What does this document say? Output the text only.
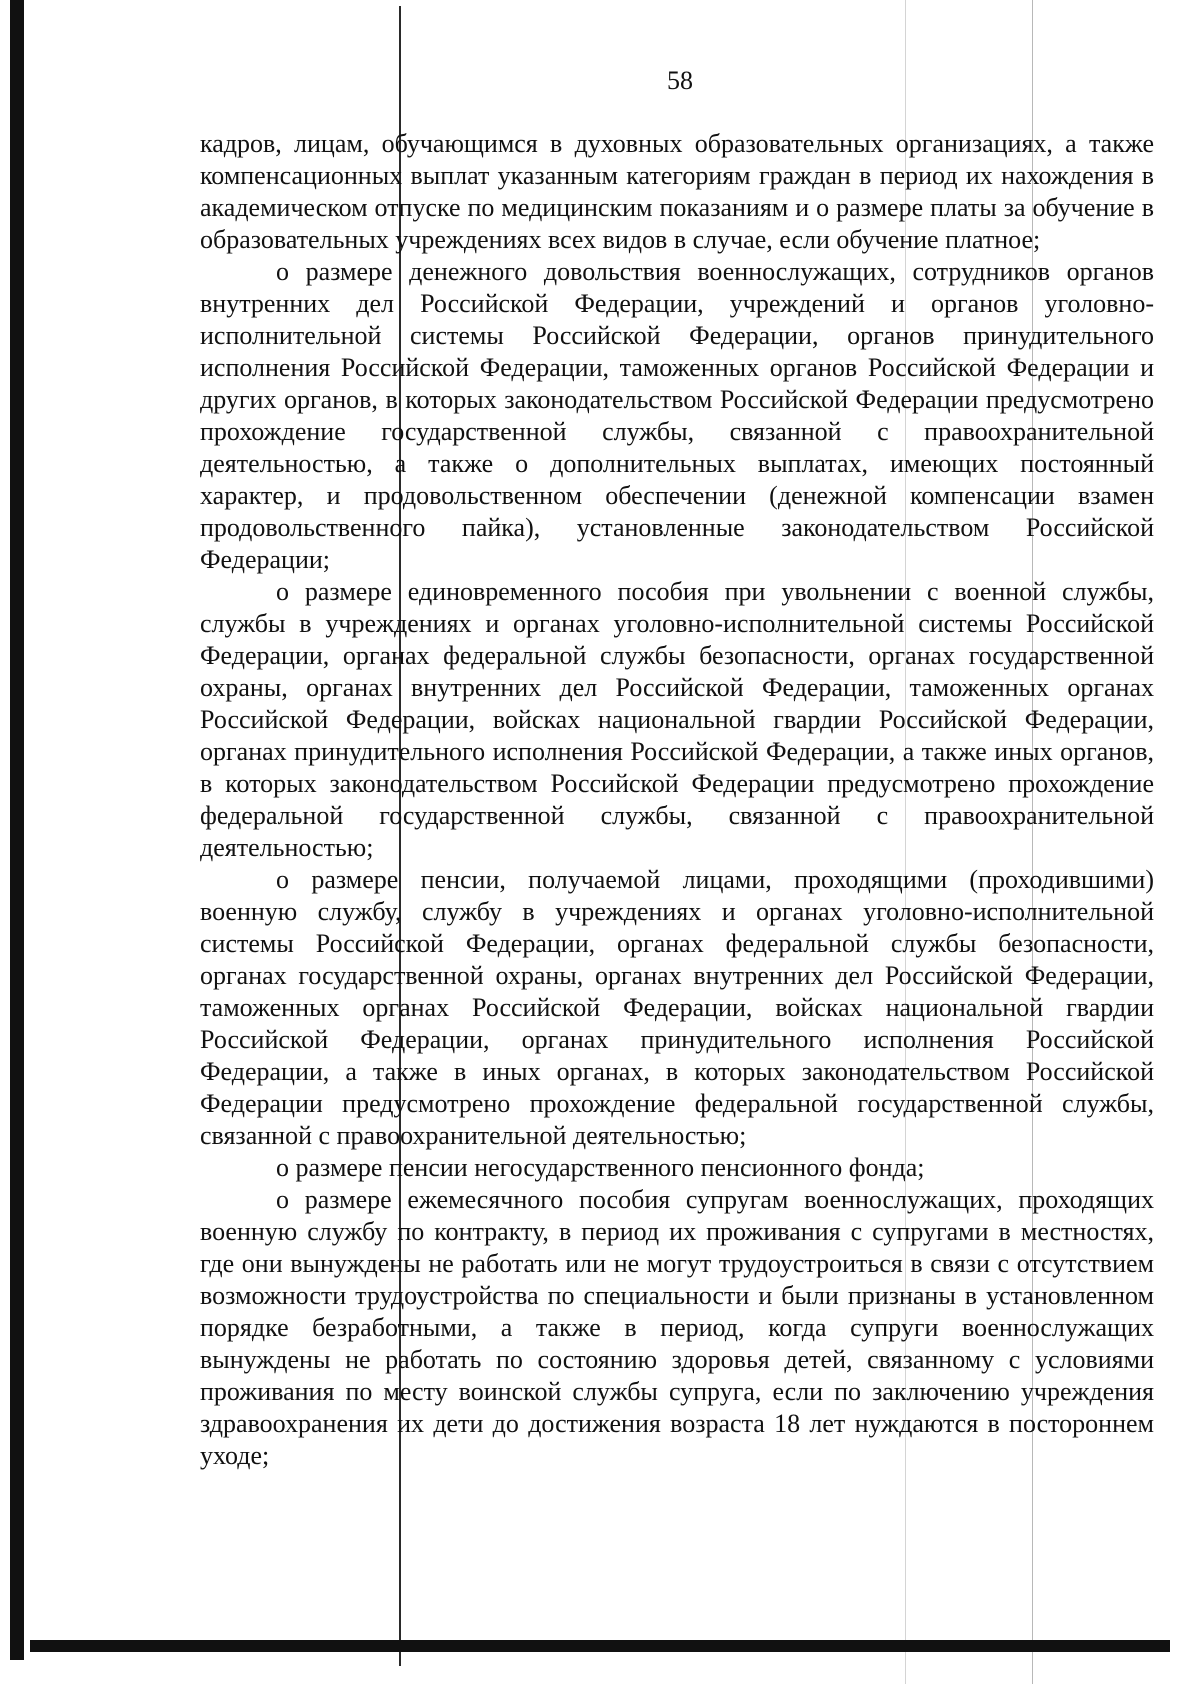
58

кадров, лицам, обучающимся в духовных образовательных организациях, а также компенсационных выплат указанным категориям граждан в период их нахождения в академическом отпуске по медицинским показаниям и о размере платы за обучение в образовательных учреждениях всех видов в случае, если обучение платное;

о размере денежного довольствия военнослужащих, сотрудников органов внутренних дел Российской Федерации, учреждений и органов уголовно-исполнительной системы Российской Федерации, органов принудительного исполнения Российской Федерации, таможенных органов Российской Федерации и других органов, в которых законодательством Российской Федерации предусмотрено прохождение государственной службы, связанной с правоохранительной деятельностью, а также о дополнительных выплатах, имеющих постоянный характер, и продовольственном обеспечении (денежной компенсации взамен продовольственного пайка), установленные законодательством Российской Федерации;

о размере единовременного пособия при увольнении с военной службы, службы в учреждениях и органах уголовно-исполнительной системы Российской Федерации, органах федеральной службы безопасности, органах государственной охраны, органах внутренних дел Российской Федерации, таможенных органах Российской Федерации, войсках национальной гвардии Российской Федерации, органах принудительного исполнения Российской Федерации, а также иных органов, в которых законодательством Российской Федерации предусмотрено прохождение федеральной государственной службы, связанной с правоохранительной деятельностью;

о размере пенсии, получаемой лицами, проходящими (проходившими) военную службу, службу в учреждениях и органах уголовно-исполнительной системы Российской Федерации, органах федеральной службы безопасности, органах государственной охраны, органах внутренних дел Российской Федерации, таможенных органах Российской Федерации, войсках национальной гвардии Российской Федерации, органах принудительного исполнения Российской Федерации, а также в иных органах, в которых законодательством Российской Федерации предусмотрено прохождение федеральной государственной службы, связанной с правоохранительной деятельностью;

о размере пенсии негосударственного пенсионного фонда;

о размере ежемесячного пособия супругам военнослужащих, проходящих военную службу по контракту, в период их проживания с супругами в местностях, где они вынуждены не работать или не могут трудоустроиться в связи с отсутствием возможности трудоустройства по специальности и были признаны в установленном порядке безработными, а также в период, когда супруги военнослужащих вынуждены не работать по состоянию здоровья детей, связанному с условиями проживания по месту воинской службы супруга, если по заключению учреждения здравоохранения их дети до достижения возраста 18 лет нуждаются в постороннем уходе;
